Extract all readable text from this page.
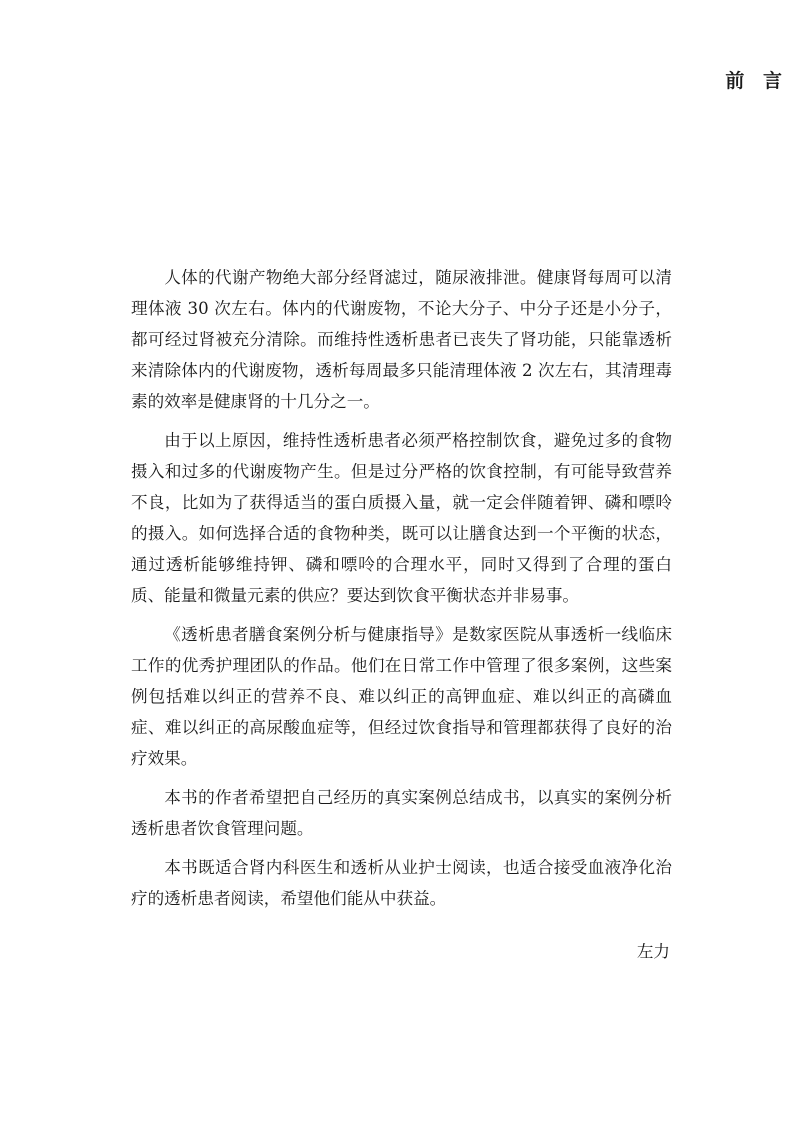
前 言

人体的代谢产物绝大部分经肾滤过，随尿液排泄。健康肾每周可以清理体液 30 次左右。体内的代谢废物，不论大分子、中分子还是小分子，都可经过肾被充分清除。而维持性透析患者已丧失了肾功能，只能靠透析来清除体内的代谢废物，透析每周最多只能清理体液 2 次左右，其清理毒素的效率是健康肾的十几分之一。

由于以上原因，维持性透析患者必须严格控制饮食，避免过多的食物摄入和过多的代谢废物产生。但是过分严格的饮食控制，有可能导致营养不良，比如为了获得适当的蛋白质摄入量，就一定会伴随着钾、磷和嘌呤的摄入。如何选择合适的食物种类，既可以让膳食达到一个平衡的状态，通过透析能够维持钾、磷和嘌呤的合理水平，同时又得到了合理的蛋白质、能量和微量元素的供应？要达到饮食平衡状态并非易事。

《透析患者膳食案例分析与健康指导》是数家医院从事透析一线临床工作的优秀护理团队的作品。他们在日常工作中管理了很多案例，这些案例包括难以纠正的营养不良、难以纠正的高钾血症、难以纠正的高磷血症、难以纠正的高尿酸血症等，但经过饮食指导和管理都获得了良好的治疗效果。

本书的作者希望把自己经历的真实案例总结成书，以真实的案例分析透析患者饮食管理问题。

本书既适合肾内科医生和透析从业护士阅读，也适合接受血液净化治疗的透析患者阅读，希望他们能从中获益。

左力
